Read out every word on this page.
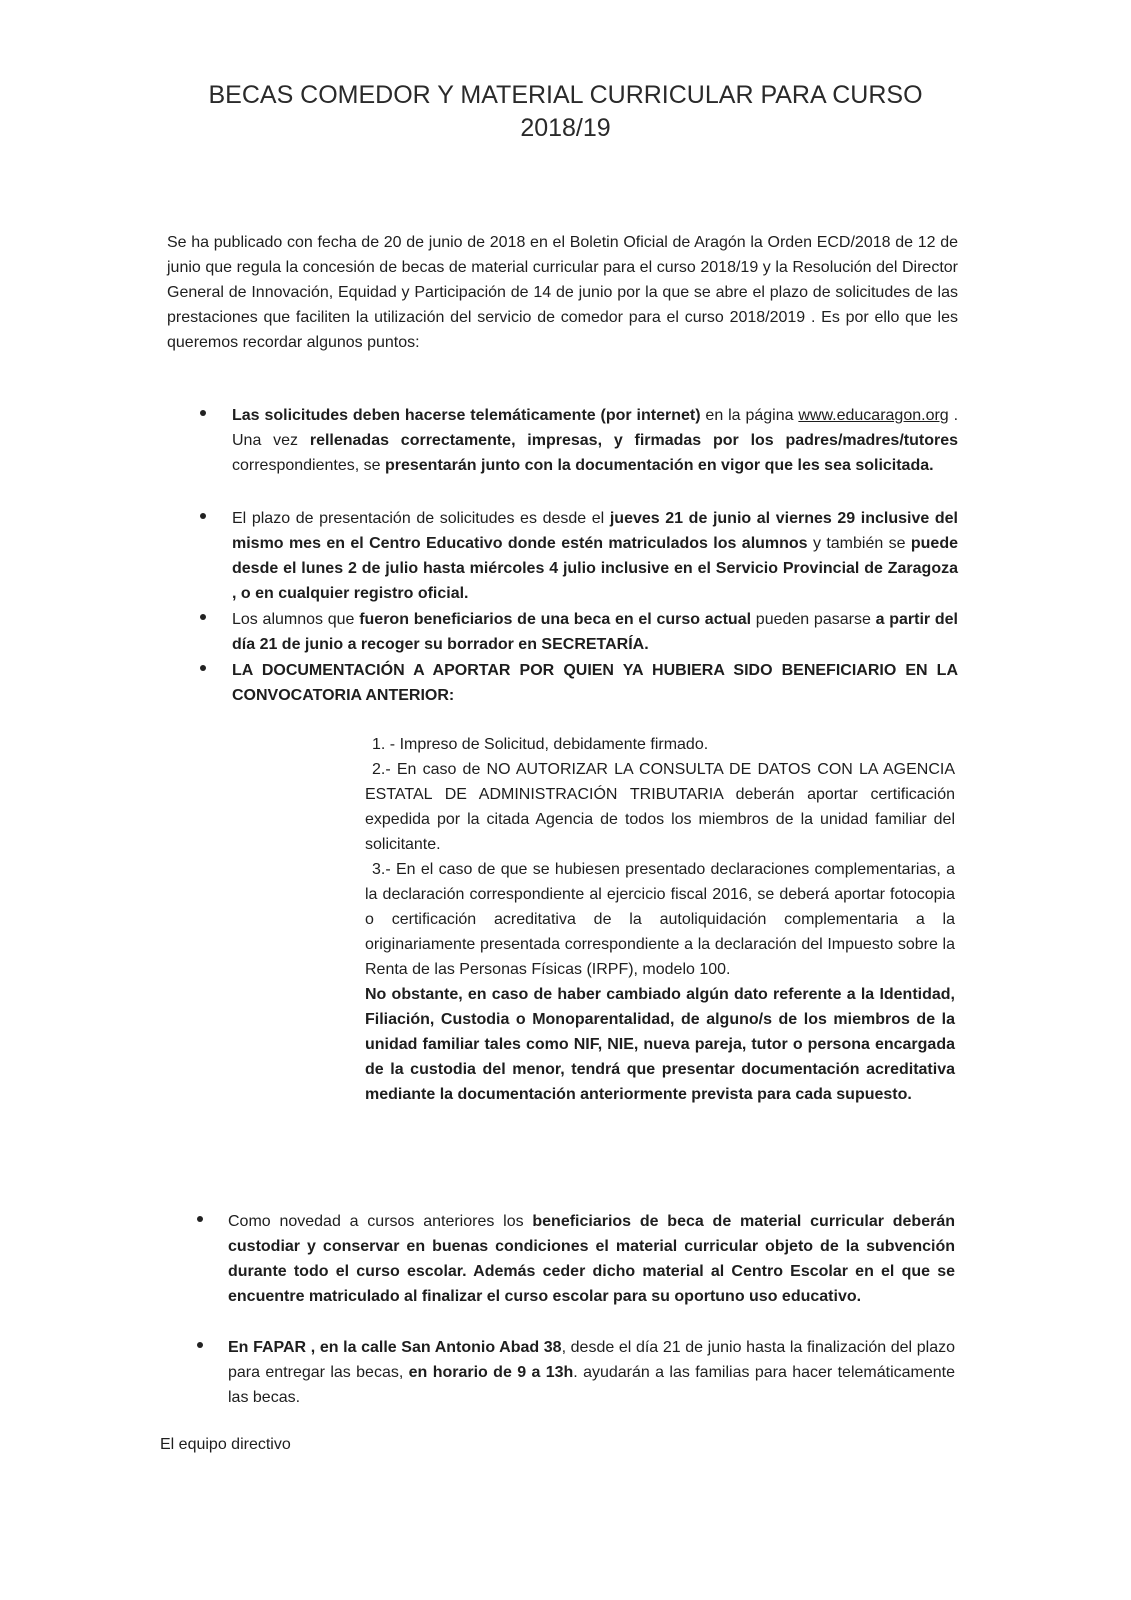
BECAS COMEDOR Y MATERIAL CURRICULAR PARA CURSO
2018/19

Se ha publicado con fecha de 20 de junio de 2018 en el Boletin Oficial de Aragón la Orden ECD/2018 de 12 de junio que regula la concesión de becas de material curricular para el curso 2018/19 y la Resolución del Director General de Innovación, Equidad y Participación de 14 de junio por la que se abre el plazo de solicitudes de las prestaciones que faciliten la utilización del servicio de comedor para el curso 2018/2019 . Es por ello que les queremos recordar algunos puntos:

Las solicitudes deben hacerse telemáticamente (por internet) en la página www.educaragon.org . Una vez rellenadas correctamente, impresas, y firmadas por los padres/madres/tutores correspondientes, se presentarán junto con la documentación en vigor que les sea solicitada.
El plazo de presentación de solicitudes es desde el jueves 21 de junio al viernes 29 inclusive del mismo mes en el Centro Educativo donde estén matriculados los alumnos y también se puede desde el lunes 2 de julio hasta miércoles 4 julio inclusive en el Servicio Provincial de Zaragoza , o en cualquier registro oficial.
Los alumnos que fueron beneficiarios de una beca en el curso actual pueden pasarse a partir del día 21 de junio a recoger su borrador en SECRETARÍA.
LA DOCUMENTACIÓN A APORTAR POR QUIEN YA HUBIERA SIDO BENEFICIARIO EN LA CONVOCATORIA ANTERIOR:

1. - Impreso de Solicitud, debidamente firmado.

2.- En caso de NO AUTORIZAR LA CONSULTA DE DATOS CON LA AGENCIA ESTATAL DE ADMINISTRACIÓN TRIBUTARIA deberán aportar certificación expedida por la citada Agencia de todos los miembros de la unidad familiar del solicitante.

3.- En el caso de que se hubiesen presentado declaraciones complementarias, a la declaración correspondiente al ejercicio fiscal 2016, se deberá aportar fotocopia o certificación acreditativa de la autoliquidación complementaria a la originariamente presentada correspondiente a la declaración del Impuesto sobre la Renta de las Personas Físicas (IRPF), modelo 100.

No obstante, en caso de haber cambiado algún dato referente a la Identidad, Filiación, Custodia o Monoparentalidad, de alguno/s de los miembros de la unidad familiar tales como NIF, NIE, nueva pareja, tutor o persona encargada de la custodia del menor, tendrá que presentar documentación acreditativa mediante la documentación anteriormente prevista para cada supuesto.

Como novedad a cursos anteriores los beneficiarios de beca de material curricular deberán custodiar y conservar en buenas condiciones el material curricular objeto de la subvención durante todo el curso escolar. Además ceder dicho material al Centro Escolar en el que se encuentre matriculado al finalizar el curso escolar para su oportuno uso educativo.
En FAPAR , en la calle San Antonio Abad 38, desde el día 21 de junio hasta la finalización del plazo para entregar las becas, en horario de 9 a 13h. ayudarán a las familias para hacer telemáticamente las becas.

El equipo directivo
